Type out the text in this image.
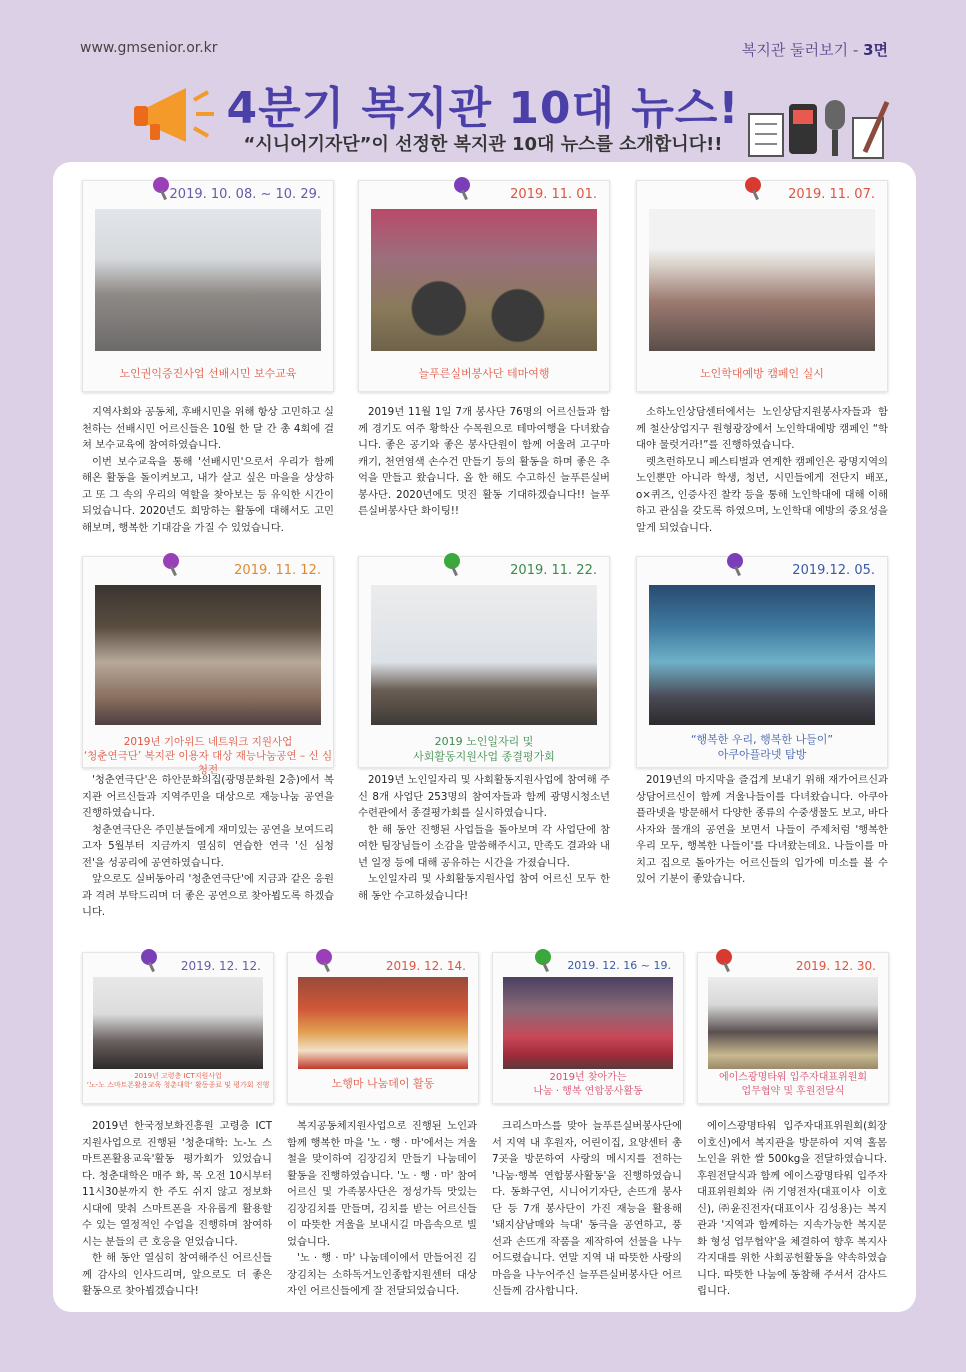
www.gmsenior.or.kr	복지관 둘러보기 - 3면
4분기 복지관 10대 뉴스!
“시니어기자단”이 선정한 복지관 10대 뉴스를 소개합니다!!
2019. 10. 08. ~ 10. 29.
노인권익증진사업 선배시민 보수교육

지역사회와 공동체, 후배시민을 위해 항상 고민하고 실천하는 선배시민 어르신들은 10월 한 달 간 총 4회에 걸쳐 보수교육에 참여하였습니다.

이번 보수교육을 통해 '선배시민'으로서 우리가 함께 해온 활동을 돌이켜보고, 내가 살고 싶은 마을을 상상하고 또 그 속의 우리의 역할을 찾아보는 등 유익한 시간이 되었습니다. 2020년도 희망하는 활동에 대해서도 고민해보며, 행복한 기대감을 가질 수 있었습니다.

2019. 11. 01.
늘푸른실버봉사단 테마여행

2019년 11월 1일 7개 봉사단 76명의 어르신들과 함께 경기도 여주 황학산 수목원으로 테마여행을 다녀왔습니다. 좋은 공기와 좋은 봉사단원이 함께 어울려 고구마캐기, 천연염색 손수건 만들기 등의 활동을 하며 좋은 추억을 만들고 왔습니다. 올 한 해도 수고하신 늘푸른실버봉사단. 2020년에도 멋진 활동 기대하겠습니다!! 늘푸른실버봉사단 화이팅!!

2019. 11. 07.
노인학대예방 캠페인 실시

소하노인상담센터에서는 노인상담지원봉사자들과 함께 철산상업지구 원형광장에서 노인학대예방 캠페인 “학대야 물럿거라!”를 진행하였습니다.

렛츠런하모니 페스티벌과 연계한 캠페인은 광명지역의 노인뿐만 아니라 학생, 청년, 시민들에게 전단지 배포, o×퀴즈, 인증사진 찰칵 등을 통해 노인학대에 대해 이해하고 관심을 갖도록 하였으며, 노인학대 예방의 중요성을 알게 되었습니다.

2019. 11. 12.
2019년 기아위드 네트워크 지원사업
‘청춘연극단’ 복지관 이용자 대상 재능나눔공연 – 신 심청전

'청춘연극단'은 하안문화의집(광명문화원 2층)에서 복지관 어르신들과 지역주민을 대상으로 재능나눔 공연을 진행하였습니다.

청춘연극단은 주민분들에게 재미있는 공연을 보여드리고자 5월부터 지금까지 열심히 연습한 연극 '신 심청전'을 성공리에 공연하였습니다.

앞으로도 실버동아리 '청춘연극단'에 지금과 같은 응원과 격려 부탁드리며 더 좋은 공연으로 찾아뵙도록 하겠습니다.

2019. 11. 22.
2019 노인일자리 및
사회활동지원사업 종결평가회

2019년 노인일자리 및 사회활동지원사업에 참여해 주신 8개 사업단 253명의 참여자들과 함께 광명시청소년수련관에서 종결평가회를 실시하였습니다.

한 해 동안 진행된 사업들을 돌아보며 각 사업단에 참여한 팀장님들이 소감을 말씀해주시고, 만족도 결과와 내년 일정 등에 대해 공유하는 시간을 가졌습니다.

노인일자리 및 사회활동지원사업 참여 어르신 모두 한 해 동안 수고하셨습니다!

2019.12. 05.
“행복한 우리, 행복한 나들이”
아쿠아플라넷 탐방

2019년의 마지막을 즐겁게 보내기 위해 재가어르신과 상담어르신이 함께 겨울나들이를 다녀왔습니다. 아쿠아플라넷을 방문해서 다양한 종류의 수중생물도 보고, 바다사자와 물개의 공연을 보면서 나들이 주제처럼 '행복한 우리 모두, 행복한 나들이'를 다녀왔는데요. 나들이를 마치고 집으로 돌아가는 어르신들의 입가에 미소를 볼 수 있어 기분이 좋았습니다.

2019. 12. 12.
2019년 고령층 ICT지원사업
‘노-노 스마트폰활용교육 청춘대학’ 활동종료 및 평가회 진행

2019년 한국정보화진흥원 고령층 ICT 지원사업으로 진행된 '청춘대학: 노-노 스마트폰활용교육'활동 평가회가 있었습니다. 청춘대학은 매주 화, 목 오전 10시부터 11시30분까지 한 주도 쉬지 않고 정보화시대에 맞춰 스마트폰을 자유롭게 활용할 수 있는 열정적인 수업을 진행하며 참여하시는 분들의 큰 호응을 얻었습니다.

한 해 동안 열심히 참여해주신 어르신들께 감사의 인사드리며, 앞으로도 더 좋은 활동으로 찾아뵙겠습니다!

2019. 12. 14.
노행마 나눔데이 활동

복지공동체지원사업으로 진행된 노인과 함께 행복한 마을 '노 · 행 · 마'에서는 겨울철을 맞이하여 김장김치 만들기 나눔데이 활동을 진행하였습니다. '노 · 행 · 마' 참여 어르신 및 가족봉사단은 정성가득 맛있는 김장김치를 만들며, 김치를 받는 어르신들이 따뜻한 겨울을 보내시길 마음속으로 빌었습니다.

'노 · 행 · 마' 나눔데이에서 만들어진 김장김치는 소하독거노인종합지원센터 대상자인 어르신들에게 잘 전달되었습니다.

2019. 12. 16 ~ 19.
2019년 찾아가는
나눔 · 행복 연합봉사활동

크리스마스를 맞아 늘푸른실버봉사단에서 지역 내 후원자, 어린이집, 요양센터 총 7곳을 방문하여 사랑의 메시지를 전하는 '나눔·행복 연합봉사활동'을 진행하였습니다. 동화구연, 시니어기자단, 손뜨개 봉사단 등 7개 봉사단이 가진 재능을 활용해 '돼지삼남매와 늑대' 동극을 공연하고, 풍선과 손뜨개 작품을 제작하여 선물을 나누어드렸습니다. 연말 지역 내 따뜻한 사랑의 마음을 나누어주신 늘푸른실버봉사단 어르신들께 감사합니다.

2019. 12. 30.
에이스광명타워 입주자대표위원회
업무협약 및 후원전달식

에이스광명타워 입주자대표위원회(회장 이호신)에서 복지관을 방문하여 지역 홀몸노인을 위한 쌀 500kg을 전달하였습니다. 후원전달식과 함께 에이스광명타워 입주자대표위원회와 ㈜기영전자(대표이사 이호신), ㈜윤진전자(대표이사 김성용)는 복지관과 '지역과 함께하는 지속가능한 복지문화 형성 업무협약'을 체결하여 향후 복지사각지대를 위한 사회공헌활동을 약속하였습니다. 따뜻한 나눔에 동참해 주셔서 감사드립니다.
